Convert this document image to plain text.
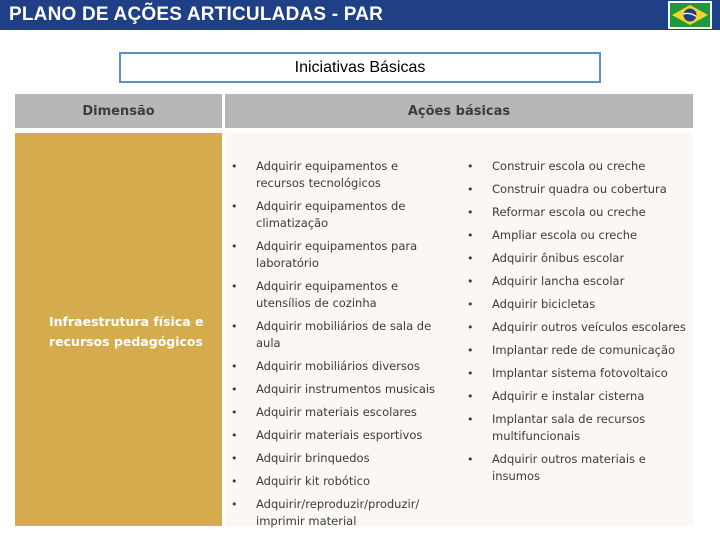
PLANO DE AÇÕES ARTICULADAS - PAR
Iniciativas Básicas
Dimensão	Ações básicas
Infraestrutura física e recursos pedagógicos
• Adquirir equipamentos e recursos tecnológicos
• Adquirir equipamentos de climatização
• Adquirir equipamentos para laboratório
• Adquirir equipamentos e utensílios de cozinha
• Adquirir mobiliários de sala de aula
• Adquirir mobiliários diversos
• Adquirir instrumentos musicais
• Adquirir materiais escolares
• Adquirir materiais esportivos
• Adquirir brinquedos
• Adquirir kit robótico
• Adquirir/reproduzir/produzir/ imprimir material
• Construir escola ou creche
• Construir quadra ou cobertura
• Reformar escola ou creche
• Ampliar escola ou creche
• Adquirir ônibus escolar
• Adquirir lancha escolar
• Adquirir bicicletas
• Adquirir outros veículos escolares
• Implantar rede de comunicação
• Implantar sistema fotovoltaico
• Adquirir e instalar cisterna
• Implantar sala de recursos multifuncionais
• Adquirir outros materiais e insumos
